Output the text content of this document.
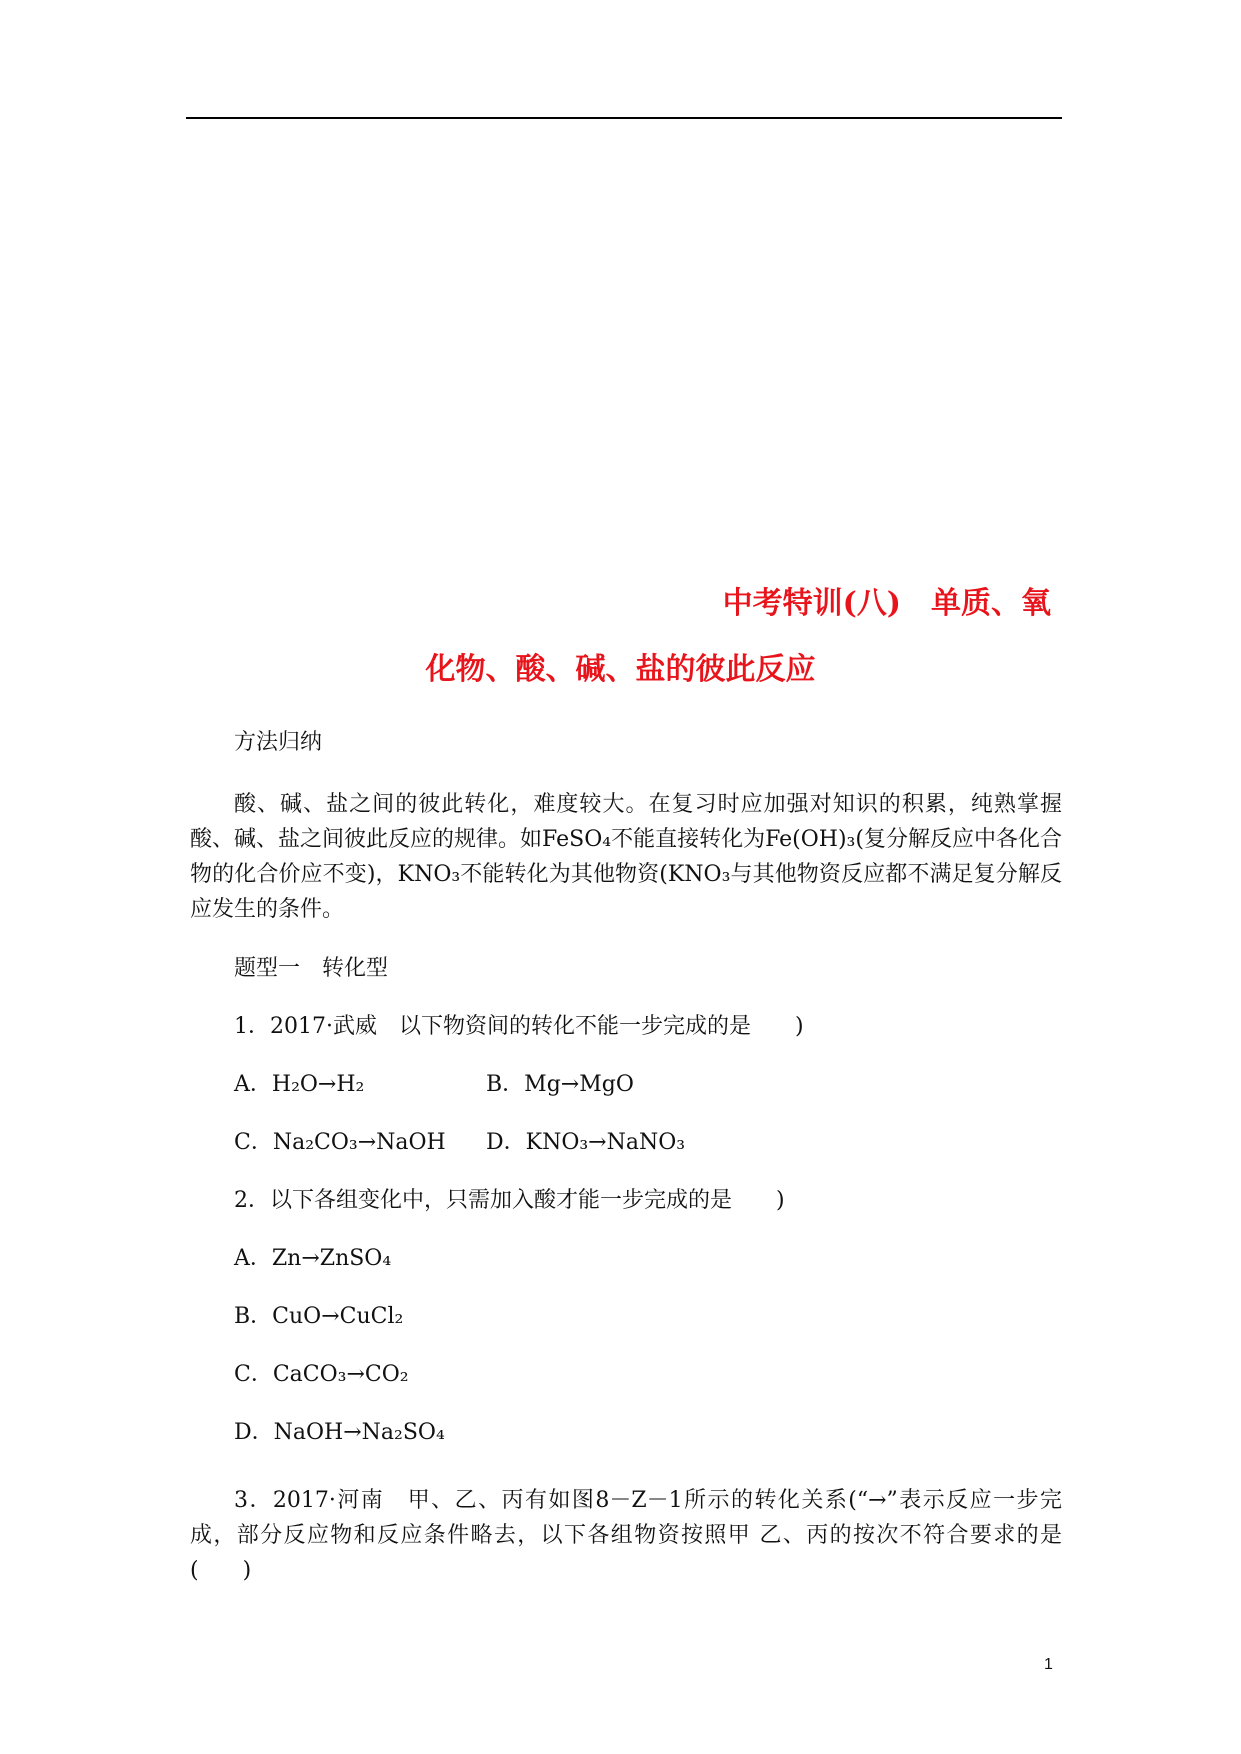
中考特训(八)　单质、氧
化物、酸、碱、盐的彼此反应
方法归纳

酸、碱、盐之间的彼此转化，难度较大。在复习时应加强对知识的积累，纯熟掌握酸、碱、盐之间彼此反应的规律。如FeSO₄不能直接转化为Fe(OH)₃(复分解反应中各化合物的化合价应不变)，KNO₃不能转化为其他物资(KNO₃与其他物资反应都不满足复分解反应发生的条件。

题型一　转化型
1．2017·武威　以下物资间的转化不能一步完成的是　　)
A．H₂O→H₂	B．Mg→MgO
C．Na₂CO₃→NaOH D．KNO₃→NaNO₃
2．以下各组变化中，只需加入酸才能一步完成的是　　)
A．Zn→ZnSO₄
B．CuO→CuCl₂
C．CaCO₃→CO₂
D．NaOH→Na₂SO₄

3．2017·河南　甲、乙、丙有如图8－Z－1所示的转化关系(“→”表示反应一步完成，部分反应物和反应条件略去，以下各组物资按照甲 乙、丙的按次不符合要求的是(　　)

1
